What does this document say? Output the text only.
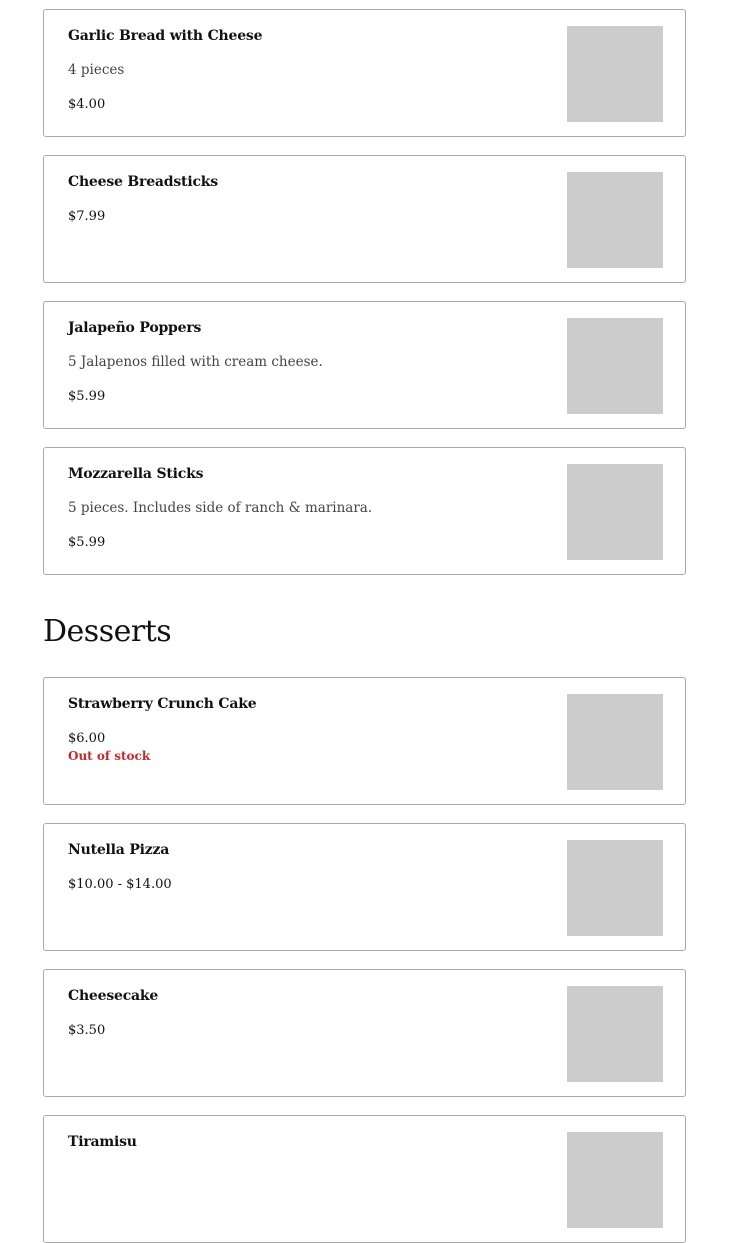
Garlic Bread with Cheese
4 pieces
$4.00
Cheese Breadsticks
$7.99
Jalapeño Poppers
5 Jalapenos filled with cream cheese.
$5.99
Mozzarella Sticks
5 pieces. Includes side of ranch & marinara.
$5.99
Desserts
Strawberry Crunch Cake
$6.00
Out of stock
Nutella Pizza
$10.00 - $14.00
Cheesecake
$3.50
Tiramisu
